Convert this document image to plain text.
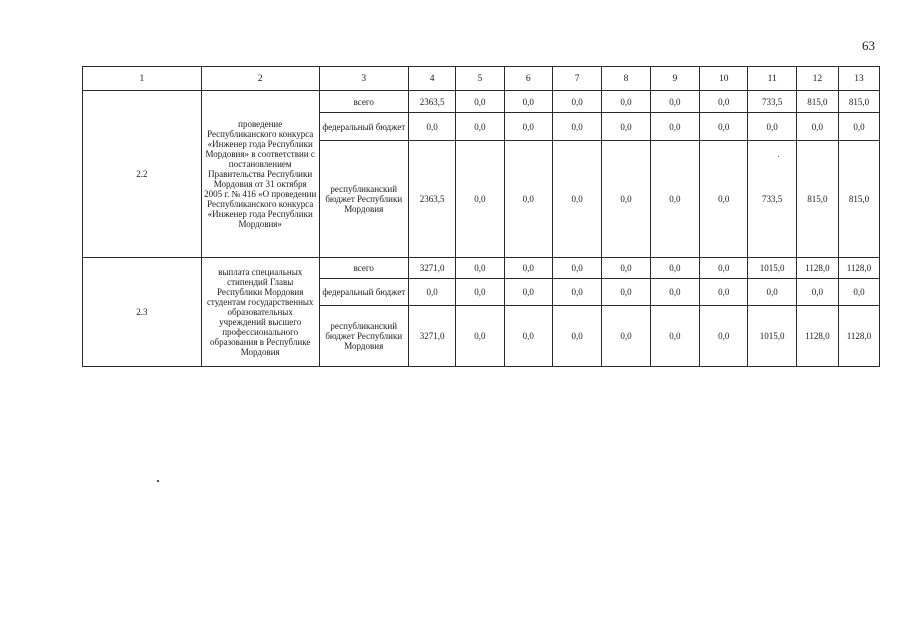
63
1	2	3	4	5	6	7	8	9	10	11	12	13
2.2	проведение Республиканского конкурса «Инженер года Республики Мордовия» в соответствии с постановлением Правительства Республики Мордовия от 31 октября 2005 г. № 416 «О проведении Республиканского конкурса «Инженер года Республики Мордовия»	всего	2363,5	0,0	0,0	0,0	0,0	0,0	0,0	733,5	815,0	815,0
		федеральный бюджет	0,0	0,0	0,0	0,0	0,0	0,0	0,0	0,0	0,0	0,0
		республиканский бюджет Республики Мордовия	2363,5	0,0	0,0	0,0	0,0	0,0	0,0	733,5	815,0	815,0
2.3	выплата специальных стипендий Главы Республики Мордовия студентам государственных образовательных учреждений высшего профессионального образования в Республике Мордовия	всего	3271,0	0,0	0,0	0,0	0,0	0,0	0,0	1015,0	1128,0	1128,0
		федеральный бюджет	0,0	0,0	0,0	0,0	0,0	0,0	0,0	0,0	0,0	0,0
		республиканский бюджет Республики Мордовия	3271,0	0,0	0,0	0,0	0,0	0,0	0,0	1015,0	1128,0	1128,0
